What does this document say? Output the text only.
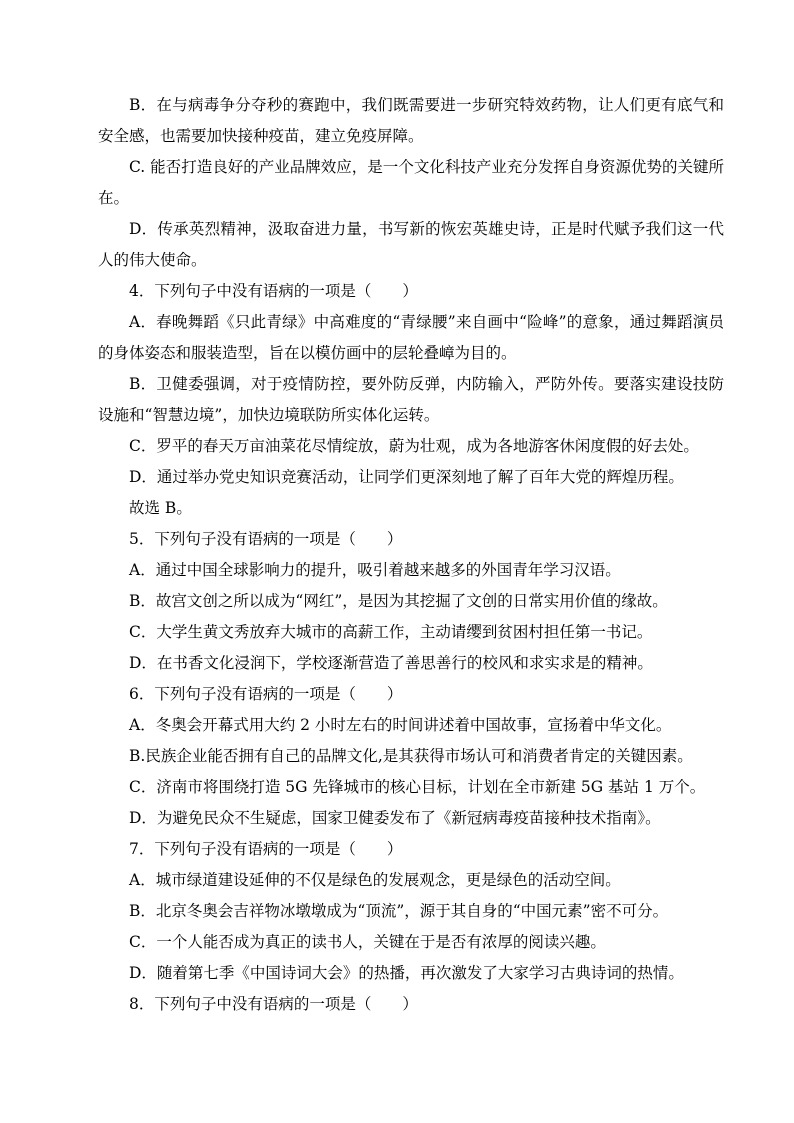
B．在与病毒争分夺秒的赛跑中，我们既需要进一步研究特效药物，让人们更有底气和安全感，也需要加快接种疫苗，建立免疫屏障。

C. 能否打造良好的产业品牌效应，是一个文化科技产业充分发挥自身资源优势的关键所在。

D．传承英烈精神，汲取奋进力量，书写新的恢宏英雄史诗，正是时代赋予我们这一代人的伟大使命。

4．下列句子中没有语病的一项是（　　）

A．春晚舞蹈《只此青绿》中高难度的“青绿腰”来自画中“险峰”的意象，通过舞蹈演员的身体姿态和服装造型，旨在以模仿画中的层轮叠嶂为目的。

B．卫健委强调，对于疫情防控，要外防反弹，内防输入，严防外传。要落实建设技防设施和“智慧边境”，加快边境联防所实体化运转。

C．罗平的春天万亩油菜花尽情绽放，蔚为壮观，成为各地游客休闲度假的好去处。

D．通过举办党史知识竞赛活动，让同学们更深刻地了解了百年大党的辉煌历程。

故选 B。

5．下列句子没有语病的一项是（　　）

A．通过中国全球影响力的提升，吸引着越来越多的外国青年学习汉语。

B．故宫文创之所以成为“网红”，是因为其挖掘了文创的日常实用价值的缘故。

C．大学生黄文秀放弃大城市的高薪工作，主动请缨到贫困村担任第一书记。

D．在书香文化浸润下，学校逐渐营造了善思善行的校风和求实求是的精神。

6．下列句子没有语病的一项是（　　）

A．冬奥会开幕式用大约 2 小时左右的时间讲述着中国故事，宣扬着中华文化。

B.民族企业能否拥有自己的品牌文化,是其获得市场认可和消费者肯定的关键因素。

C．济南市将围绕打造 5G 先锋城市的核心目标，计划在全市新建 5G 基站 1 万个。

D．为避免民众不生疑虑，国家卫健委发布了《新冠病毒疫苗接种技术指南》。

7．下列句子没有语病的一项是（　　）

A．城市绿道建设延伸的不仅是绿色的发展观念，更是绿色的活动空间。

B．北京冬奥会吉祥物冰墩墩成为“顶流”，源于其自身的“中国元素”密不可分。

C．一个人能否成为真正的读书人，关键在于是否有浓厚的阅读兴趣。

D．随着第七季《中国诗词大会》的热播，再次激发了大家学习古典诗词的热情。

8．下列句子中没有语病的一项是（　　）
